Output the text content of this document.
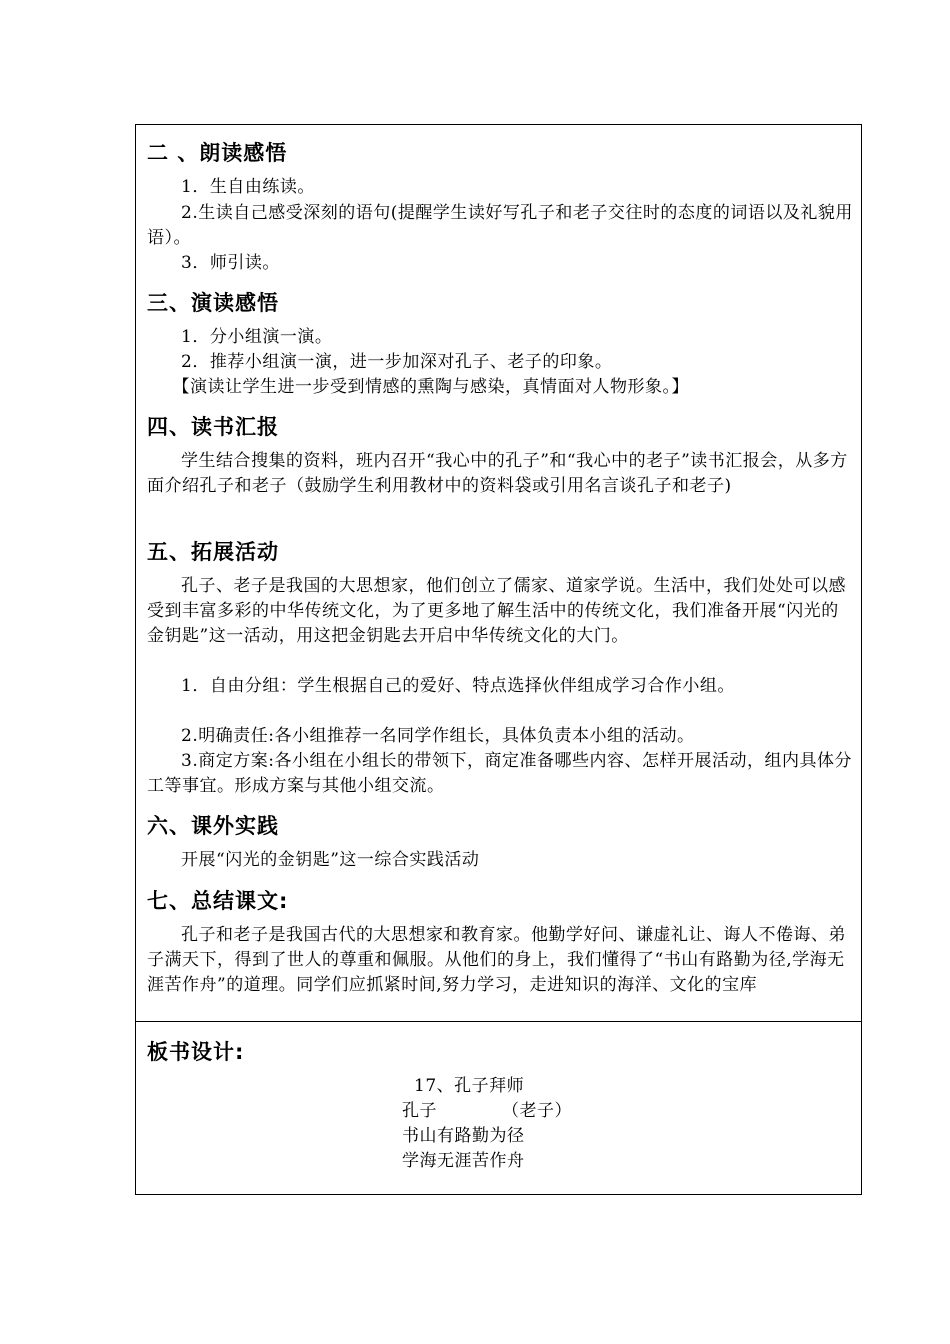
二 、朗读感悟

1．生自由练读。

2.生读自己感受深刻的语句(提醒学生读好写孔子和老子交往时的态度的词语以及礼貌用语）。

3．师引读。

三、演读感悟

1．分小组演一演。

2．推荐小组演一演，进一步加深对孔子、老子的印象。

【演读让学生进一步受到情感的熏陶与感染，真情面对人物形象。】

四、读书汇报

学生结合搜集的资料，班内召开“我心中的孔子”和“我心中的老子”读书汇报会，从多方面介绍孔子和老子（鼓励学生利用教材中的资料袋或引用名言谈孔子和老子)

五、拓展活动

孔子、老子是我国的大思想家，他们创立了儒家、道家学说。生活中，我们处处可以感受到丰富多彩的中华传统文化，为了更多地了解生活中的传统文化，我们准备开展“闪光的金钥匙”这一活动，用这把金钥匙去开启中华传统文化的大门。

1．自由分组：学生根据自己的爱好、特点选择伙伴组成学习合作小组。

2.明确责任:各小组推荐一名同学作组长，具体负责本小组的活动。

3.商定方案:各小组在小组长的带领下，商定准备哪些内容、怎样开展活动，组内具体分工等事宜。形成方案与其他小组交流。

六、课外实践

开展“闪光的金钥匙”这一综合实践活动

七、总结课文:

孔子和老子是我国古代的大思想家和教育家。他勤学好问、谦虚礼让、诲人不倦诲、弟子满天下，得到了世人的尊重和佩服。从他们的身上，我们懂得了“书山有路勤为径,学海无涯苦作舟”的道理。同学们应抓紧时间,努力学习，走进知识的海洋、文化的宝库

板书设计:
17、孔子拜师
孔子	（老子）
书山有路勤为径
学海无涯苦作舟
